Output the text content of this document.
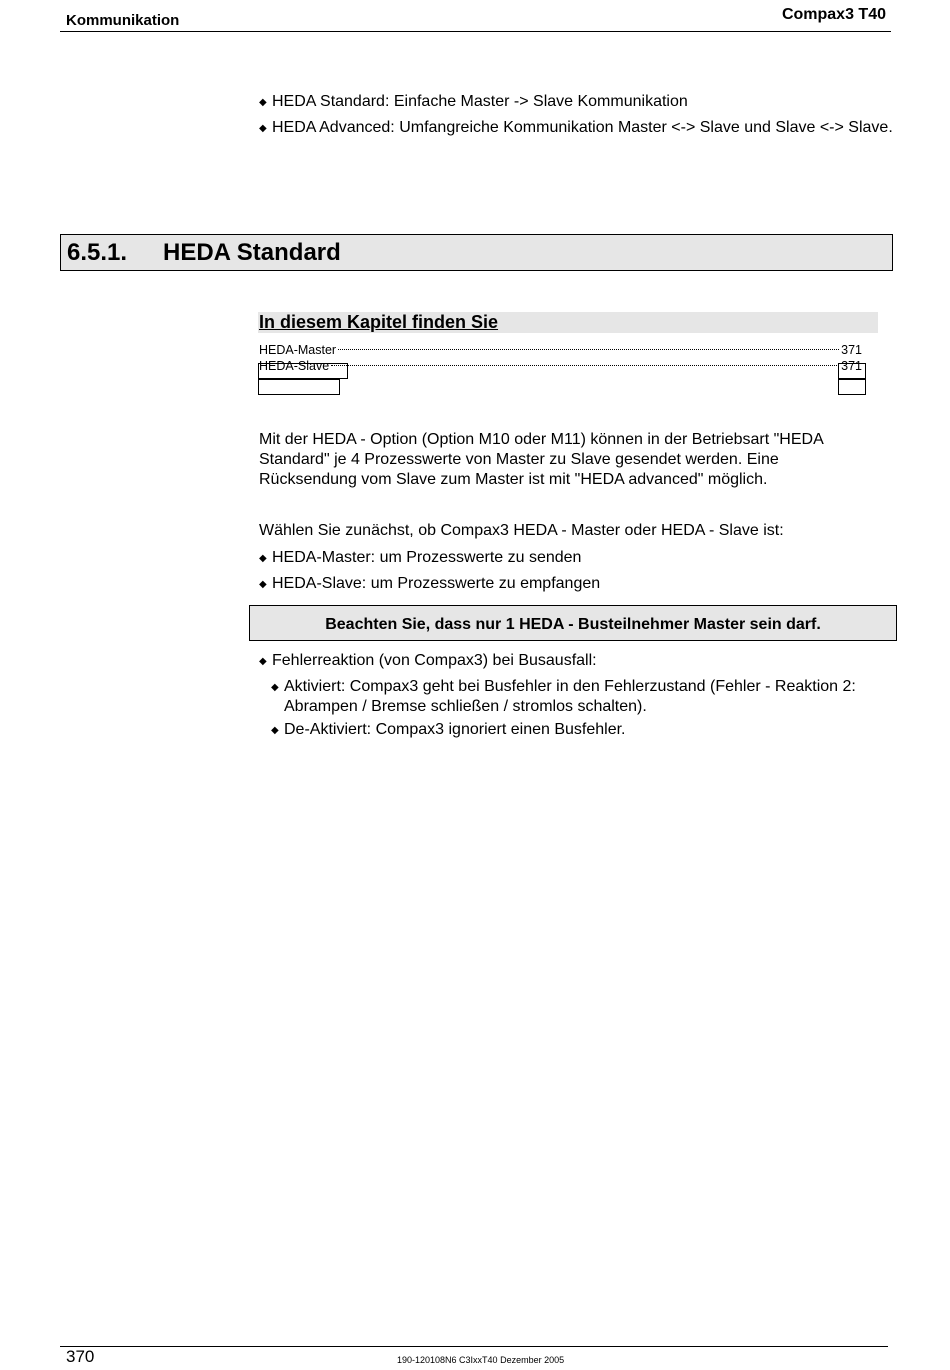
Kommunikation	Compax3 T40
◆ HEDA Standard: Einfache Master -> Slave Kommunikation
◆ HEDA Advanced: Umfangreiche Kommunikation Master <-> Slave und Slave <-> Slave.
6.5.1. HEDA Standard
In diesem Kapitel finden Sie
HEDA-Master	371
HEDA-Slave	371

Mit der HEDA - Option (Option M10 oder M11) können in der Betriebsart "HEDA Standard" je 4 Prozesswerte von Master zu Slave gesendet werden. Eine Rücksendung vom Slave zum Master ist mit "HEDA advanced" möglich.

Wählen Sie zunächst, ob Compax3 HEDA - Master oder HEDA - Slave ist:

◆ HEDA-Master: um Prozesswerte zu senden
◆ HEDA-Slave: um Prozesswerte zu empfangen
Beachten Sie, dass nur 1 HEDA - Busteilnehmer Master sein darf.
◆ Fehlerreaktion (von Compax3) bei Busausfall:
◆ Aktiviert: Compax3 geht bei Busfehler in den Fehlerzustand (Fehler - Reaktion 2: Abrampen / Bremse schließen / stromlos schalten).
◆ De-Aktiviert: Compax3 ignoriert einen Busfehler.
370	190-120108N6 C3IxxT40 Dezember 2005
